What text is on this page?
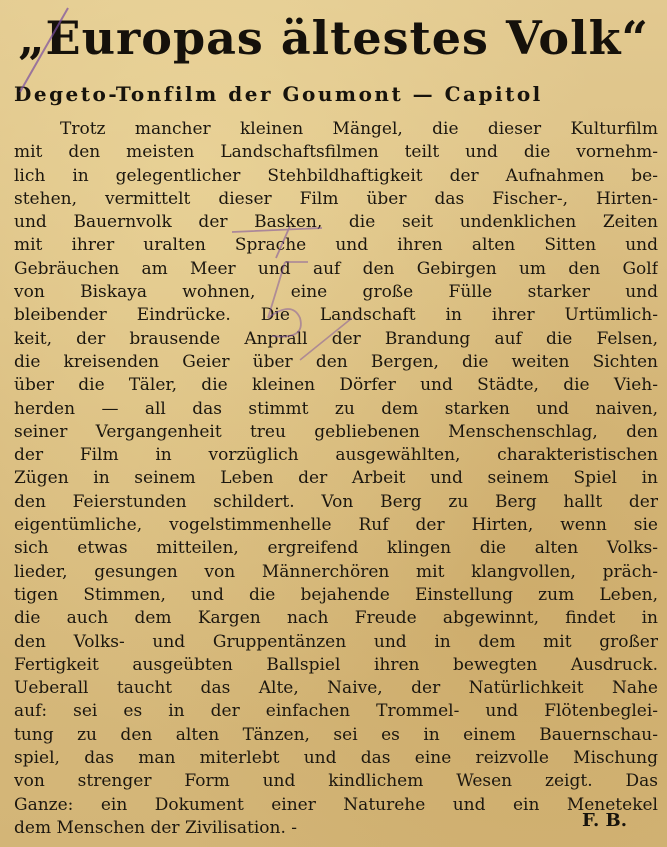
„Europas ältestes Volk“
Degeto-Tonfilm der Goumont — Capitol
Trotz mancher kleinen Mängel, die dieser Kulturfilm
mit den meisten Landschaftsfilmen teilt und die vornehm-
lich in gelegentlicher Stehbildhaftigkeit der Aufnahmen be-
stehen, vermittelt dieser Film über das Fischer-, Hirten-
und Bauernvolk der Basken, die seit undenklichen Zeiten
mit ihrer uralten Sprache und ihren alten Sitten und
Gebräuchen am Meer und auf den Gebirgen um den Golf
von Biskaya wohnen, eine große Fülle starker und
bleibender Eindrücke. Die Landschaft in ihrer Urtümlich-
keit, der brausende Anprall der Brandung auf die Felsen,
die kreisenden Geier über den Bergen, die weiten Sichten
über die Täler, die kleinen Dörfer und Städte, die Vieh-
herden — all das stimmt zu dem starken und naiven,
seiner Vergangenheit treu gebliebenen Menschenschlag, den
der Film in vorzüglich ausgewählten, charakteristischen
Zügen in seinem Leben der Arbeit und seinem Spiel in
den Feierstunden schildert. Von Berg zu Berg hallt der
eigentümliche, vogelstimmenhelle Ruf der Hirten, wenn sie
sich etwas mitteilen, ergreifend klingen die alten Volks-
lieder, gesungen von Männerchören mit klangvollen, präch-
tigen Stimmen, und die bejahende Einstellung zum Leben,
die auch dem Kargen nach Freude abgewinnt, findet in
den Volks- und Gruppentänzen und in dem mit großer
Fertigkeit ausgeübten Ballspiel ihren bewegten Ausdruck.
Ueberall taucht das Alte, Naive, der Natürlichkeit Nahe
auf: sei es in der einfachen Trommel- und Flötenbeglei-
tung zu den alten Tänzen, sei es in einem Bauernschau-
spiel, das man miterlebt und das eine reizvolle Mischung
von strenger Form und kindlichem Wesen zeigt. Das
Ganze: ein Dokument einer Naturehe und ein Menetekel
dem Menschen der Zivilisation. -	F. B.
